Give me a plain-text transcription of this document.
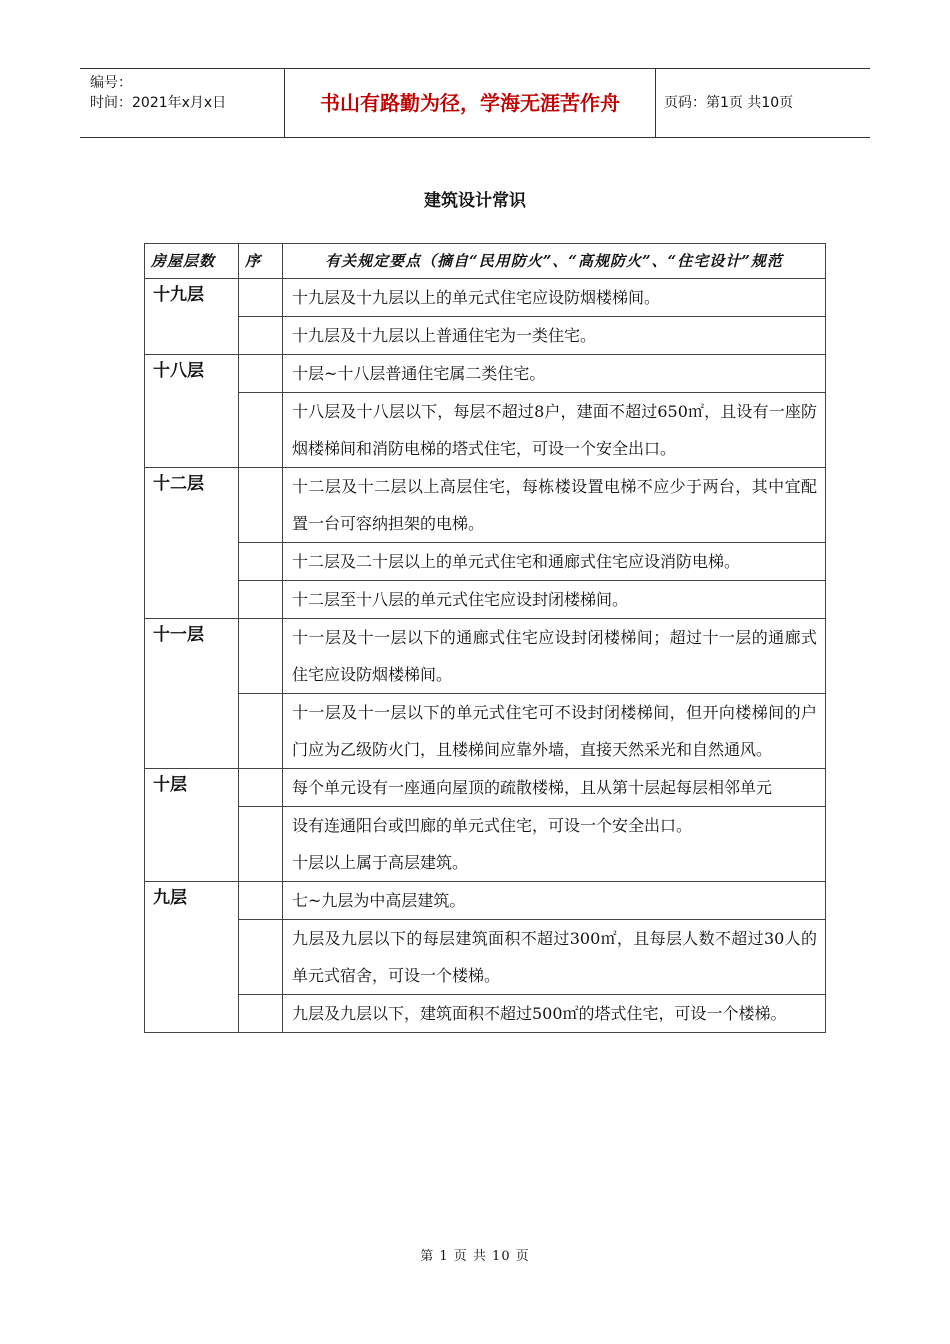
编号：
时间：2021年x月x日	书山有路勤为径，学海无涯苦作舟	页码：第1页 共10页
建筑设计常识
房屋层数	序	有关规定要点（摘自“民用防火”、“高规防火”、“住宅设计”规范
十九层		十九层及十九层以上的单元式住宅应设防烟楼梯间。
		十九层及十九层以上普通住宅为一类住宅。
十八层		十层~十八层普通住宅属二类住宅。
		十八层及十八层以下，每层不超过8户，建面不超过650㎡，且设有一座防烟楼梯间和消防电梯的塔式住宅，可设一个安全出口。
十二层		十二层及十二层以上高层住宅，每栋楼设置电梯不应少于两台，其中宜配置一台可容纳担架的电梯。
		十二层及二十层以上的单元式住宅和通廊式住宅应设消防电梯。
		十二层至十八层的单元式住宅应设封闭楼梯间。
十一层		十一层及十一层以下的通廊式住宅应设封闭楼梯间；超过十一层的通廊式住宅应设防烟楼梯间。
		十一层及十一层以下的单元式住宅可不设封闭楼梯间，但开向楼梯间的户门应为乙级防火门，且楼梯间应靠外墙，直接天然采光和自然通风。
十层		每个单元设有一座通向屋顶的疏散楼梯，且从第十层起每层相邻单元
		设有连通阳台或凹廊的单元式住宅，可设一个安全出口。
十层以上属于高层建筑。
九层		七~九层为中高层建筑。
		九层及九层以下的每层建筑面积不超过300㎡，且每层人数不超过30人的单元式宿舍，可设一个楼梯。
		九层及九层以下，建筑面积不超过500㎡的塔式住宅，可设一个楼梯。
第 1 页 共 10 页
